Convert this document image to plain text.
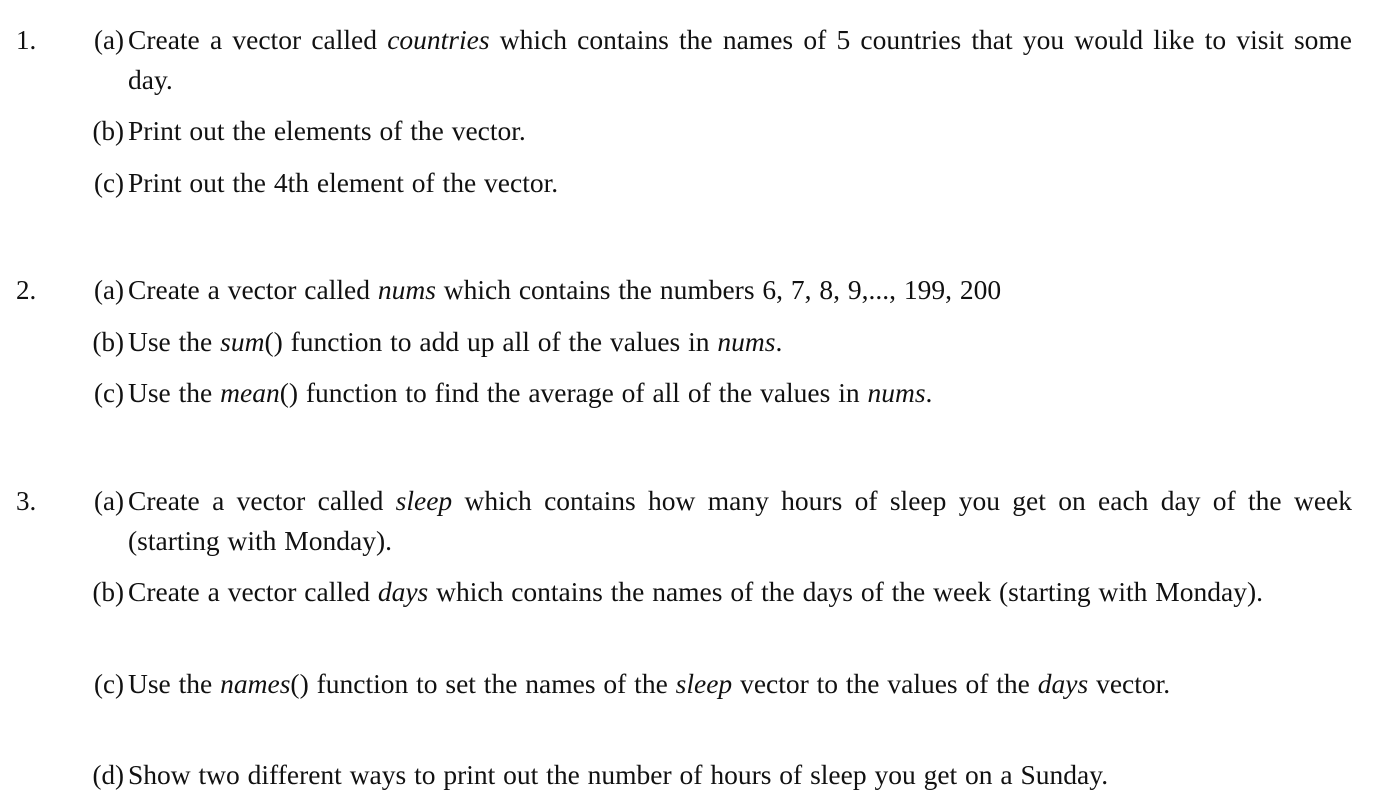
1.	(a) Create a vector called countries which contains the names of 5 countries that you would like to visit some day.
(b) Print out the elements of the vector.
(c) Print out the 4th element of the vector.
2.	(a) Create a vector called nums which contains the numbers 6, 7, 8, 9,..., 199, 200
(b) Use the sum() function to add up all of the values in nums.
(c) Use the mean() function to find the average of all of the values in nums.
3.	(a) Create a vector called sleep which contains how many hours of sleep you get on each day of the week (starting with Monday).
(b) Create a vector called days which contains the names of the days of the week (starting with Monday).
(c) Use the names() function to set the names of the sleep vector to the values of the days vector.
(d) Show two different ways to print out the number of hours of sleep you get on a Sunday.
